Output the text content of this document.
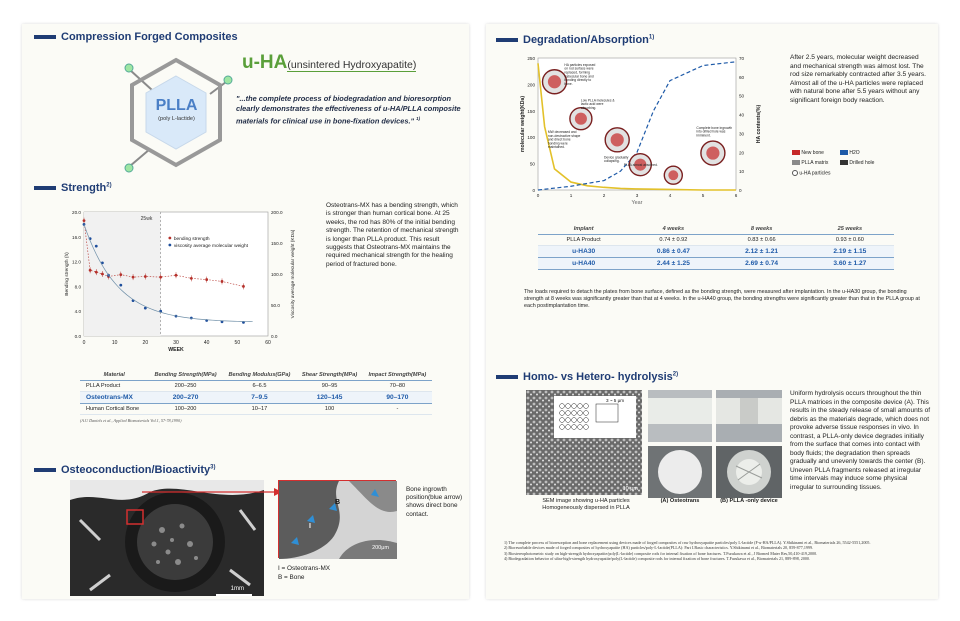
Compression Forged Composites
PLLA
(poly L-lactide)
u-HA(unsintered Hydroxyapatite)
"...the complete process of biodegradation and bioresorption clearly demonstrates the effectiveness of u-HA/PLLA composite materials for clinical use in bone-fixation devices." $^{1)}$
Strength$^{2)}$
25wk
0	10	20	30	40	50	60
0.0
4.0
8.0
12.0
16.0
20.0
0.0
50.0
100.0
150.0
200.0
WEEK
Bending strength (h)	Viscosity average molecular weight (KDa)
bending strength
viscosity average molecular weight
Osteotrans-MX has a bending strength, which is stronger than human cortical bone. At 25 weeks, the rod has 80% of the initial bending strength. The retention of mechanical strength is longer than PLLA product. This result suggests that Osteotrans-MX maintains the required mechanical strength for the healing period of fractured bone.
Material	Bending Strength(MPa)	Bending Modulus(GPa)	Shear Strength(MPa)	Impact Strength(MPa)
PLLA Product	200–250	6–6.5	90–95	70–80
Osteotrans-MX	200–270	7–9.5	120–145	90–170
Human Cortical Bone	100–200	10–17	100	-
(A.U Daniels et al., Applied Biomaterials Vol.1, 57-78,1990)
Osteoconduction/Bioactivity$^{3)}$
1mm
B
I
200μm
Bone ingrowth position(blue arrow) shows direct bone contact.
I = Osteotrans-MX
B = Bone
Degradation/Absorption$^{1)}$
0	1	2	3	4	5	6
0
50
100
150
200
250
0
10
20
30
40
50
60
70
Year
molecular weight(KDa)	HA contents(%)
HA particles exposed on rod surface were replaced, forming trabecular bone and bonding directly to bone.
Low PLLA molecules & lactic acid were absorbing.
MW decreased and non-destructive shape and direct bone bonding were maintained.
Device gradually collapsing.
PLLA almost absorbed.
Complete bone ingrowth into drilled hole was imminent.
After 2.5 years, molecular weight decreased and mechanical strength was almost lost. The rod size remarkably contracted after 3.5 years. Almost all of the u-HA particles were replaced with natural bone after 5.5 years without any significant foreign body reaction.
New bone	H2O
PLLA matrix	Drilled hole
u-HA particles
Implant	4 weeks	8 weeks	25 weeks
PLLA Product	0.74 ± 0.92	0.83 ± 0.66	0.93 ± 0.60
u-HA30	0.86 ± 0.47	2.12 ± 1.21	2.19 ± 1.15
u-HA40	2.44 ± 1.25	2.69 ± 0.74	3.60 ± 1.27
The loads required to detach the plates from bone surface, defined as the bonding strength, were measured after implantation. In the u-HA30 group, the bonding strength at 8 weeks was significantly greater than that at 4 weeks. In the u-HA40 group, the bonding strengths were significantly greater than that in the PLLA group at each postimplantation time.
Homo- vs Hetero- hydrolysis$^{2)}$
3 ~ 5 μm
10 μm
SEM image showing u-HA particles Homogeneously dispersed in PLLA
(A) Osteotrans	(B) PLLA -only device
Uniform hydrolysis occurs throughout the thin PLLA matrices in the composite device (A). This results in the steady release of small amounts of debris as the materials degrade, which does not provoke adverse tissue responses in vivo. In contrast, a PLLA-only device degrades initially from the surface that comes into contact with body fluids; the degradation then spreads gradually and unevenly towards the center (B). Uneven PLLA fragments released at irregular time intervals may induce some physical irregular to surrounding tissues.
1) The complete process of bioresorption and bone replacement using devices made of forged composites of raw hydroxyapatite particles/poly L-lactide (F-u-HA/PLLA). Y.Shikinami et al., Biomaterials 26, 5542-5551,2005.
2) Bioresorbable devices made of forged composites of hydroxyapatite (HA) particles/poly-L-lactide(PLLA): Part I.Basic characteristics. Y.Shikinami et al., Biomaterials 20, 859-877,1999.
3) Biostereophotometric study on high-strength hydroxyapatite/poly(L-lactide) composite rods for internal fixation of bone fractures. T.Furukawa et al., J Biomed Mater Res,50,410-419,2000.
4) Biodegradation behavior of ultra-high-strength hydroxyapatite/poly(L-lactide) composite rods for internal fixation of bone fractures. T.Furukawa et al., Biomaterials 21, 889-898, 2000.
